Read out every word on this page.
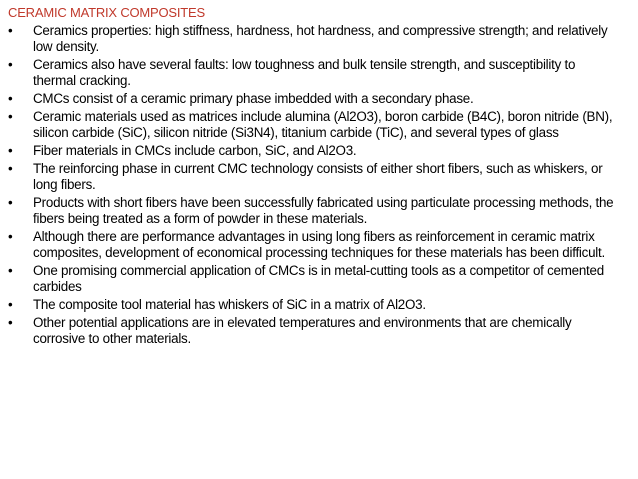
CERAMIC MATRIX COMPOSITES
•	Ceramics properties: high stiffness, hardness, hot hardness, and compressive strength; and relatively low density.
•	Ceramics also have several faults: low toughness and bulk tensile strength, and susceptibility to thermal cracking.
•	CMCs consist of a ceramic primary phase imbedded with a secondary phase.
•	Ceramic materials used as matrices include alumina (Al2O3), boron carbide (B4C), boron nitride (BN), silicon carbide (SiC), silicon nitride (Si3N4), titanium carbide (TiC), and several types of glass
•	Fiber materials in CMCs include carbon, SiC, and Al2O3.
•	The reinforcing phase in current CMC technology consists of either short fibers, such as whiskers, or long fibers.
•	Products with short fibers have been successfully fabricated using particulate processing methods, the fibers being treated as a form of powder in these materials.
•	Although there are performance advantages in using long fibers as reinforcement in ceramic matrix composites, development of economical processing techniques for these materials has been difficult.
•	One promising commercial application of CMCs is in metal-cutting tools as a competitor of cemented carbides
•	The composite tool material has whiskers of SiC in a matrix of Al2O3.
•	Other potential applications are in elevated temperatures and environments that are chemically corrosive to other materials.
